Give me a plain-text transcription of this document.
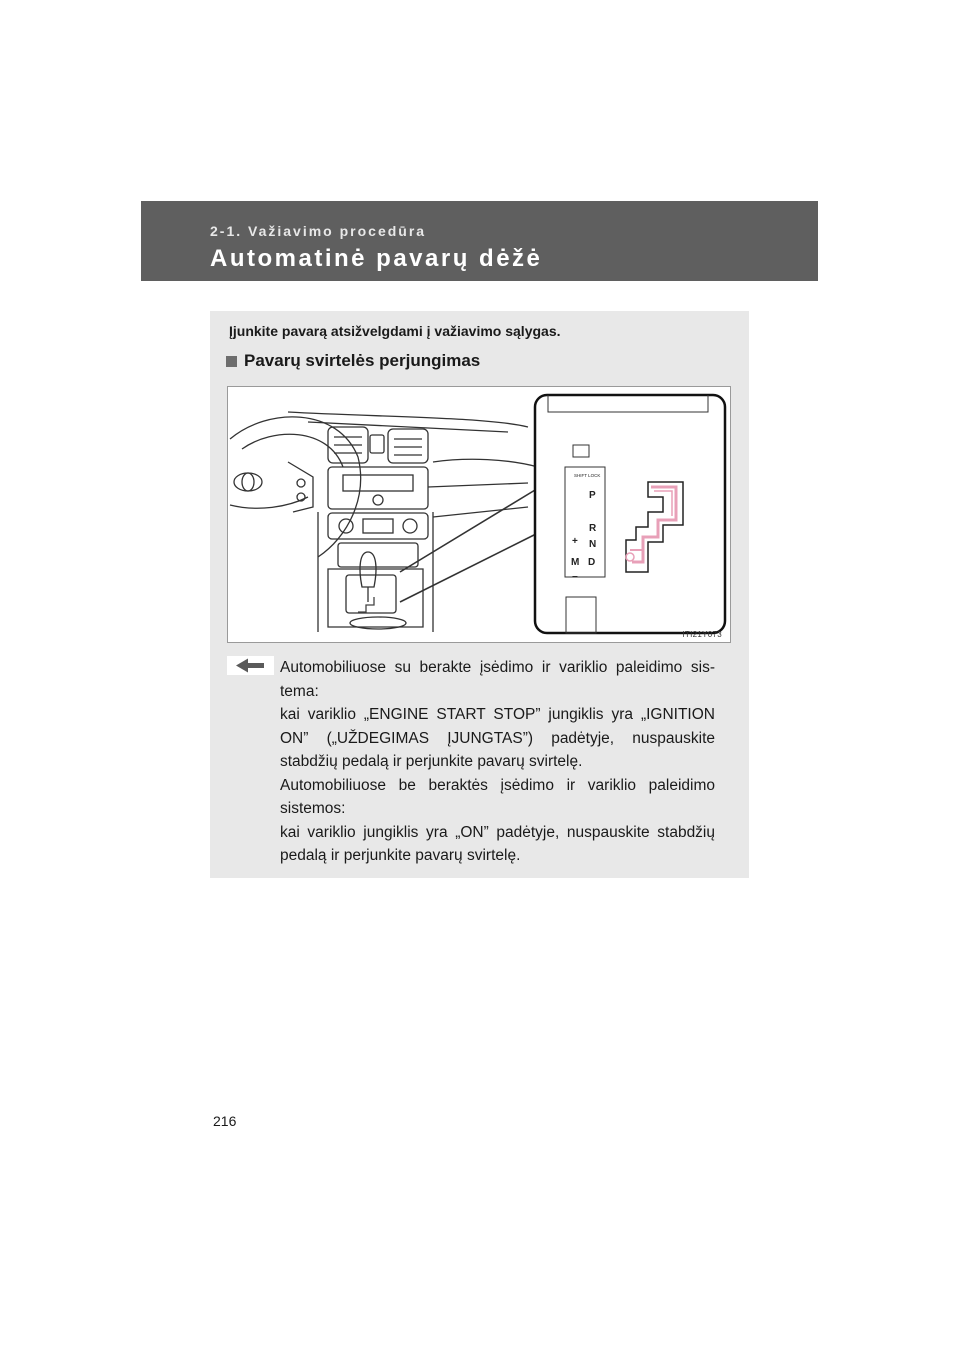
2-1. Važiavimo procedūra
Automatinė pavarų dėžė
Įjunkite pavarą atsižvelgdami į važiavimo sąlygas.
Pavarų svirtelės perjungimas
SHIFT LOCK
P
R
N
D
M
+
−
ITI21Y073

Automobiliuose su berakte įsėdimo ir variklio paleidimo sis-tema:

kai variklio „ENGINE START STOP” jungiklis yra „IGNITION ON” („UŽDEGIMAS ĮJUNGTAS”) padėtyje, nuspauskite stabdžių pedalą ir perjunkite pavarų svirtelę.

Automobiliuose be beraktės įsėdimo ir variklio paleidimo sistemos:

kai variklio jungiklis yra „ON” padėtyje, nuspauskite stabdžių pedalą ir perjunkite pavarų svirtelę.

216
